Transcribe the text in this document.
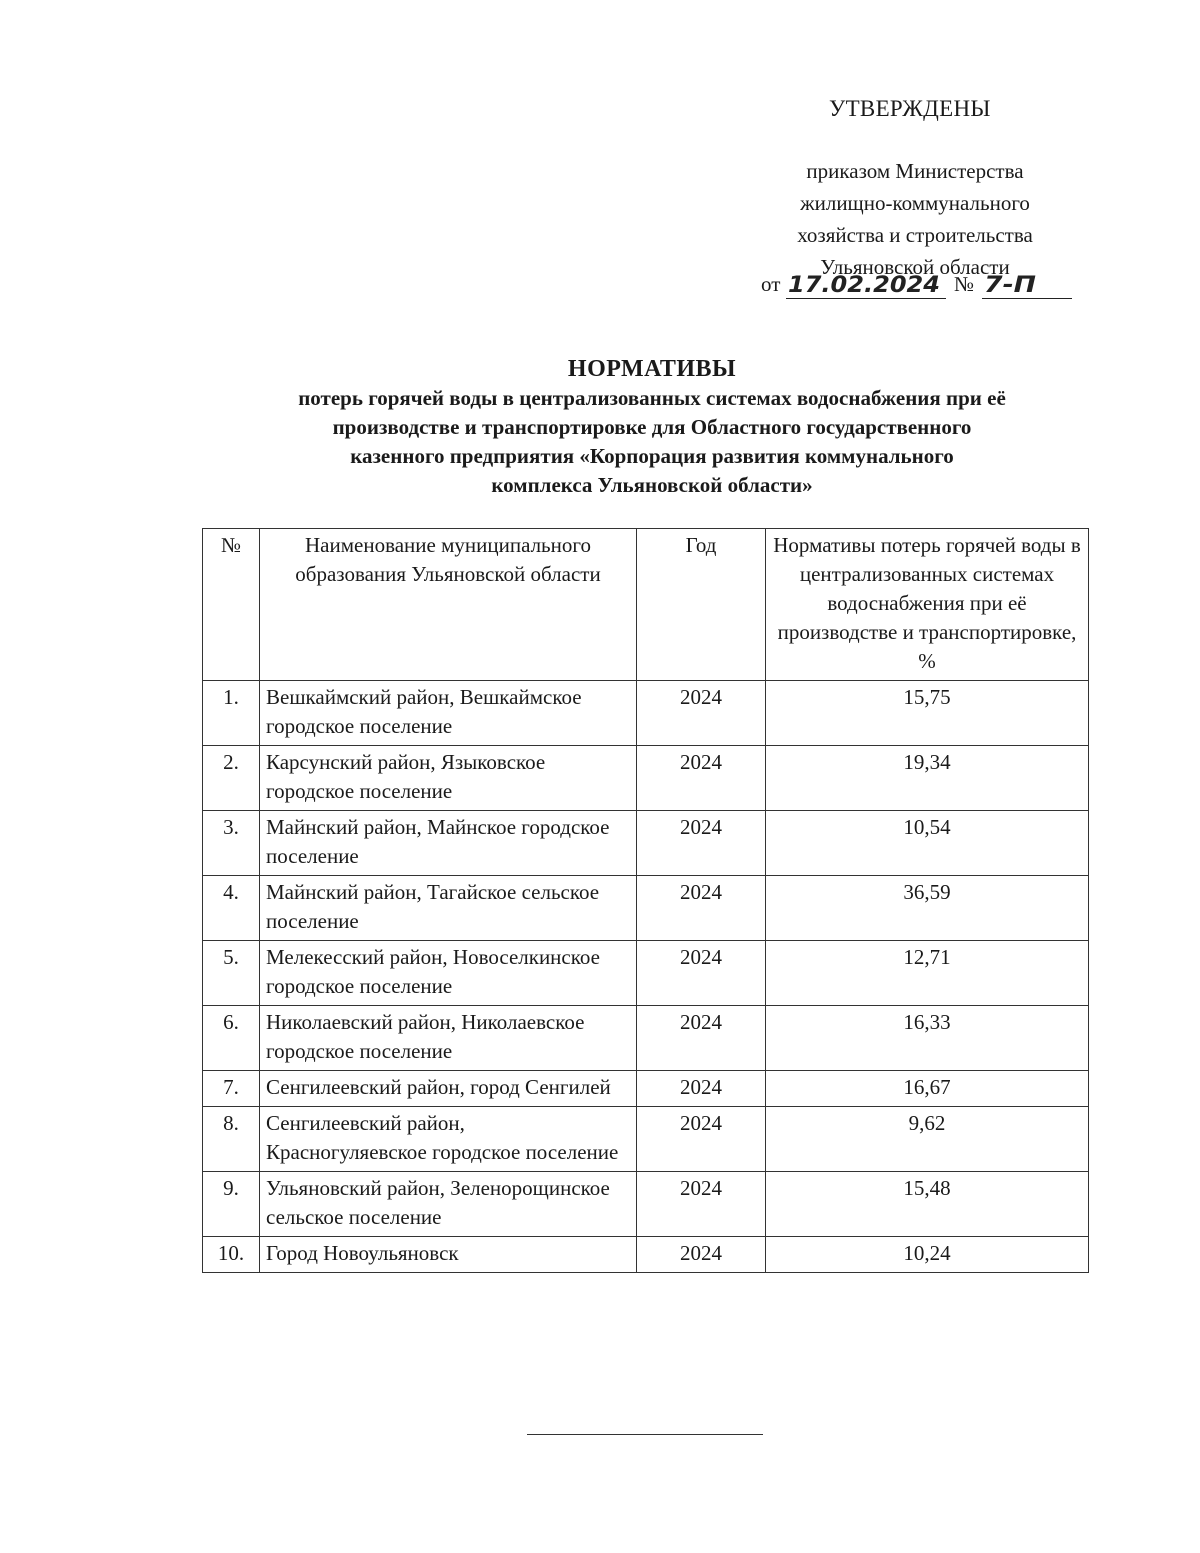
УТВЕРЖДЕНЫ
приказом Министерства
жилищно-коммунального
хозяйства и строительства
Ульяновской области
от 17.02.2024 № 7-П
НОРМАТИВЫ
потерь горячей воды в централизованных системах водоснабжения при её
производстве и транспортировке для Областного государственного
казенного предприятия «Корпорация развития коммунального
комплекса Ульяновской области»
№	Наименование муниципального образования Ульяновской области	Год	Нормативы потерь горячей воды в централизованных системах водоснабжения при её производстве и транспортировке, %
1.	Вешкаймский район, Вешкаймское городское поселение	2024	15,75
2.	Карсунский район, Языковское городское поселение	2024	19,34
3.	Майнский район, Майнское городское поселение	2024	10,54
4.	Майнский район, Тагайское сельское поселение	2024	36,59
5.	Мелекесский район, Новоселкинское городское поселение	2024	12,71
6.	Николаевский район, Николаевское городское поселение	2024	16,33
7.	Сенгилеевский район, город Сенгилей	2024	16,67
8.	Сенгилеевский район, Красногуляевское городское поселение	2024	9,62
9.	Ульяновский район, Зеленорощинское сельское поселение	2024	15,48
10.	Город Новоульяновск	2024	10,24
